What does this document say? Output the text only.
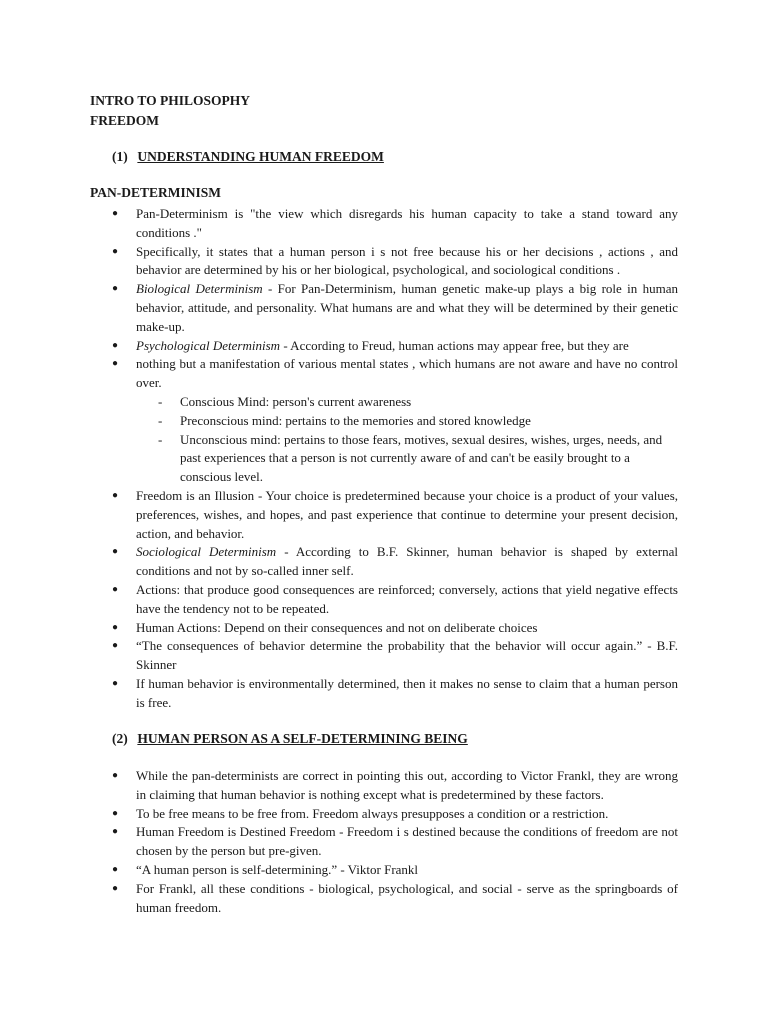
INTRO TO PHILOSOPHY
FREEDOM
(1) UNDERSTANDING HUMAN FREEDOM
PAN-DETERMINISM
● Pan-Determinism is "the view which disregards his human capacity to take a stand toward any conditions ."
● Specifically, it states that a human person i s not free because his or her decisions , actions , and behavior are determined by his or her biological, psychological, and sociological conditions .
● Biological Determinism - For Pan-Determinism, human genetic make-up plays a big role in human behavior, attitude, and personality. What humans are and what they will be determined by their genetic make-up.
● Psychological Determinism - According to Freud, human actions may appear free, but they are
● nothing but a manifestation of various mental states , which humans are not aware and have no control over.
- Conscious Mind: person's current awareness
- Preconscious mind: pertains to the memories and stored knowledge
- Unconscious mind: pertains to those fears, motives, sexual desires, wishes, urges, needs, and past experiences that a person is not currently aware of and can't be easily brought to a conscious level.
● Freedom is an Illusion - Your choice is predetermined because your choice is a product of your values, preferences, wishes, and hopes, and past experience that continue to determine your present decision, action, and behavior.
● Sociological Determinism - According to B.F. Skinner, human behavior is shaped by external conditions and not by so-called inner self.
● Actions: that produce good consequences are reinforced; conversely, actions that yield negative effects have the tendency not to be repeated.
● Human Actions: Depend on their consequences and not on deliberate choices
● “The consequences of behavior determine the probability that the behavior will occur again.” - B.F. Skinner
● If human behavior is environmentally determined, then it makes no sense to claim that a human person is free.
(2) HUMAN PERSON AS A SELF-DETERMINING BEING
● While the pan-determinists are correct in pointing this out, according to Victor Frankl, they are wrong in claiming that human behavior is nothing except what is predetermined by these factors.
● To be free means to be free from. Freedom always presupposes a condition or a restriction.
● Human Freedom is Destined Freedom - Freedom i s destined because the conditions of freedom are not chosen by the person but pre-given.
● “A human person is self-determining.” - Viktor Frankl
● For Frankl, all these conditions - biological, psychological, and social - serve as the springboards of human freedom.
